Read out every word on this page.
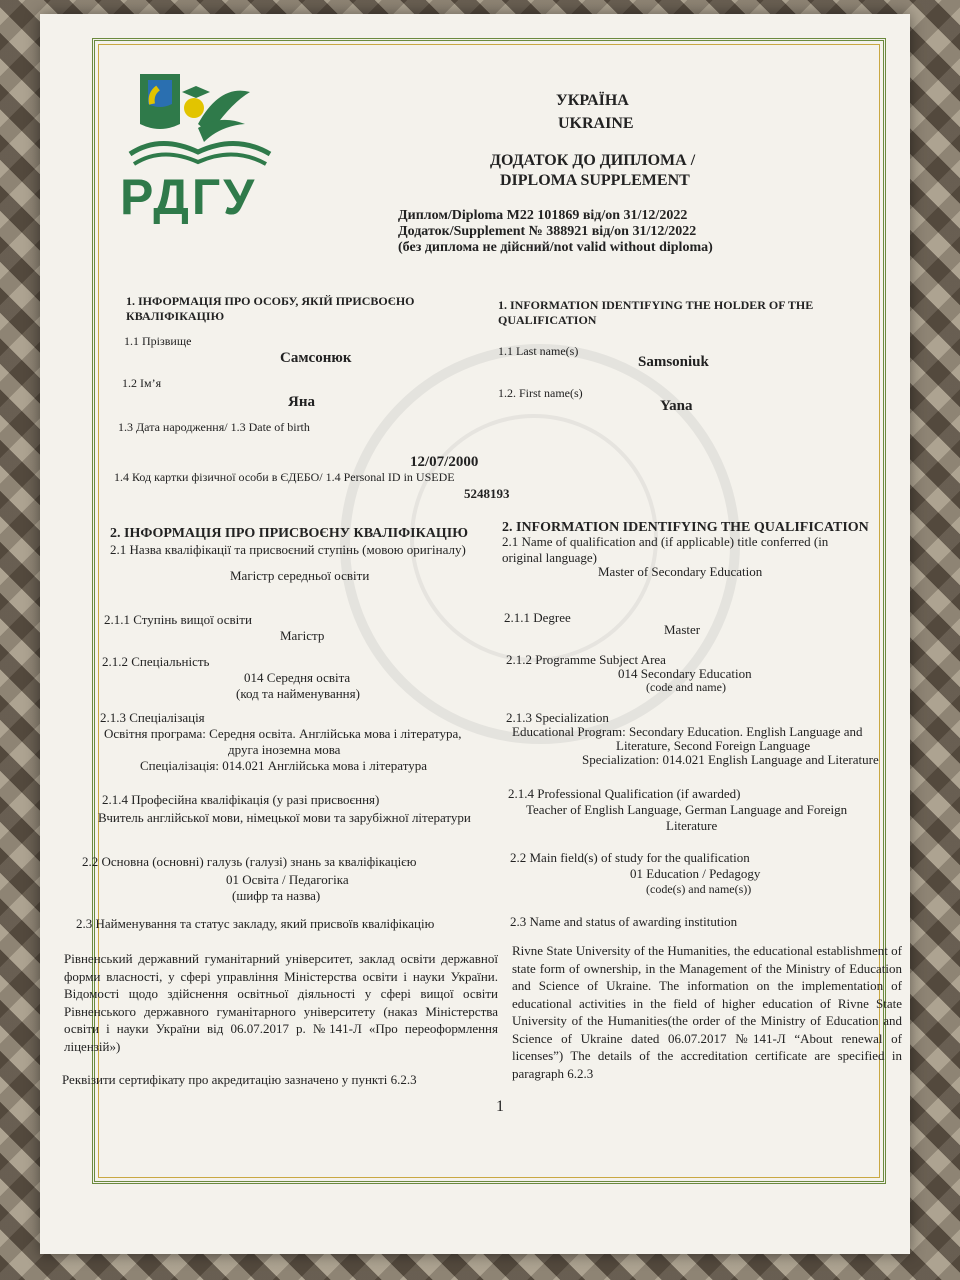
РДГУ
УКРАЇНА
UKRAINE
ДОДАТОК ДО ДИПЛОМА /
DIPLOMA SUPPLEMENT
Диплом/Diploma M22 101869 від/on 31/12/2022
Додаток/Supplement № 388921 від/on 31/12/2022
(без диплома не дійсний/not valid without diploma)
1. ІНФОРМАЦІЯ ПРО ОСОБУ, ЯКІЙ ПРИСВОЄНО КВАЛІФІКАЦІЮ
1. INFORMATION IDENTIFYING THE HOLDER OF THE QUALIFICATION
1.1 Прізвище
Самсонюк	1.1 Last name(s)
Samsoniuk
1.2 Ім’я
Яна
1.2. First name(s)
Yana
1.3 Дата народження/ 1.3 Date of birth
12/07/2000
1.4 Код картки фізичної особи в ЄДЕБО/ 1.4 Personal ID in USEDE
5248193
2. ІНФОРМАЦІЯ ПРО ПРИСВОЄНУ КВАЛІФІКАЦІЮ 2. INFORMATION IDENTIFYING THE QUALIFICATION
2.1 Назва кваліфікації та присвоєний ступінь (мовою оригіналу)
Магістр середньої освіти
2.1 Name of qualification and (if applicable) title conferred (in
original language)
Master of Secondary Education
2.1.1 Ступінь вищої освіти
Магістр
2.1.1 Degree
Master
2.1.2 Спеціальність
014 Середня освіта
(код та найменування)
2.1.2 Programme Subject Area
014 Secondary Education
(code and name)
2.1.3 Спеціалізація
Освітня програма: Середня освіта. Англійська мова і література,
друга іноземна мова
Спеціалізація: 014.021 Англійська мова і література
2.1.3 Specialization
Educational Program: Secondary Education. English Language and
Literature, Second Foreign Language
Specialization: 014.021 English Language and Literature
2.1.4 Професійна кваліфікація (у разі присвоєння)
Вчитель англійської мови, німецької мови та зарубіжної літератури
2.1.4 Professional Qualification (if awarded)
Teacher of English Language, German Language and Foreign
Literature
2.2 Основна (основні) галузь (галузі) знань за кваліфікацією
01 Освіта / Педагогіка
(шифр та назва)
2.2 Main field(s) of study for the qualification
01 Education / Pedagogy
(code(s) and name(s))
2.3 Найменування та статус закладу, який присвоїв кваліфікацію	2.3 Name and status of awarding institution
Рівненський державний гуманітарний університет, заклад освіти державної форми власності, у сфері управління Міністерства освіти і науки України. Відомості щодо здійснення освітньої діяльності у сфері вищої освіти Рівненського державного гуманітарного університету (наказ Міністерства освіти і науки України від 06.07.2017 р. №141-Л «Про переоформлення ліцензій»)
Реквізити сертифікату про акредитацію зазначено у пункті 6.2.3
Rivne State University of the Humanities, the educational establishment of state form of ownership, in the Management of the Ministry of Education and Science of Ukraine. The information on the implementation of educational activities in the field of higher education of Rivne State University of the Humanities(the order of the Ministry of Education and Science of Ukraine dated 06.07.2017 №141-Л “About renewal of licenses”) The details of the accreditation certificate are specified in paragraph 6.2.3
1
